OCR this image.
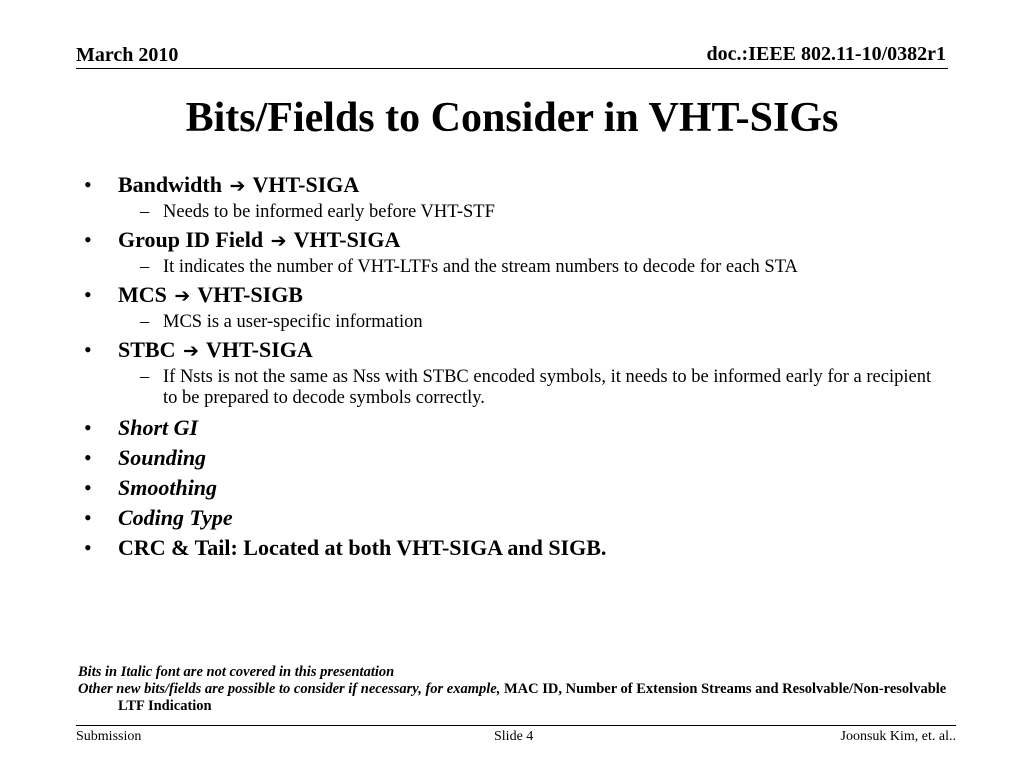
March 2010	doc.:IEEE 802.11-10/0382r1
Bits/Fields to Consider in VHT-SIGs
• Bandwidth ➔ VHT-SIGA
– Needs to be informed early before VHT-STF
• Group ID Field ➔ VHT-SIGA
– It indicates the number of VHT-LTFs and the stream numbers to decode for each STA
• MCS ➔ VHT-SIGB
– MCS is a user-specific information
• STBC ➔ VHT-SIGA
– If Nsts is not the same as Nss with STBC encoded symbols, it needs to be informed early for a recipient to be prepared to decode symbols correctly.
• Short GI
• Sounding
• Smoothing
• Coding Type
• CRC & Tail: Located at both VHT-SIGA and SIGB.
Bits in Italic font are not covered in this presentation
Other new bits/fields are possible to consider if necessary, for example, MAC ID, Number of Extension Streams and Resolvable/Non-resolvable LTF Indication
Submission	Slide 4	Joonsuk Kim, et. al..
